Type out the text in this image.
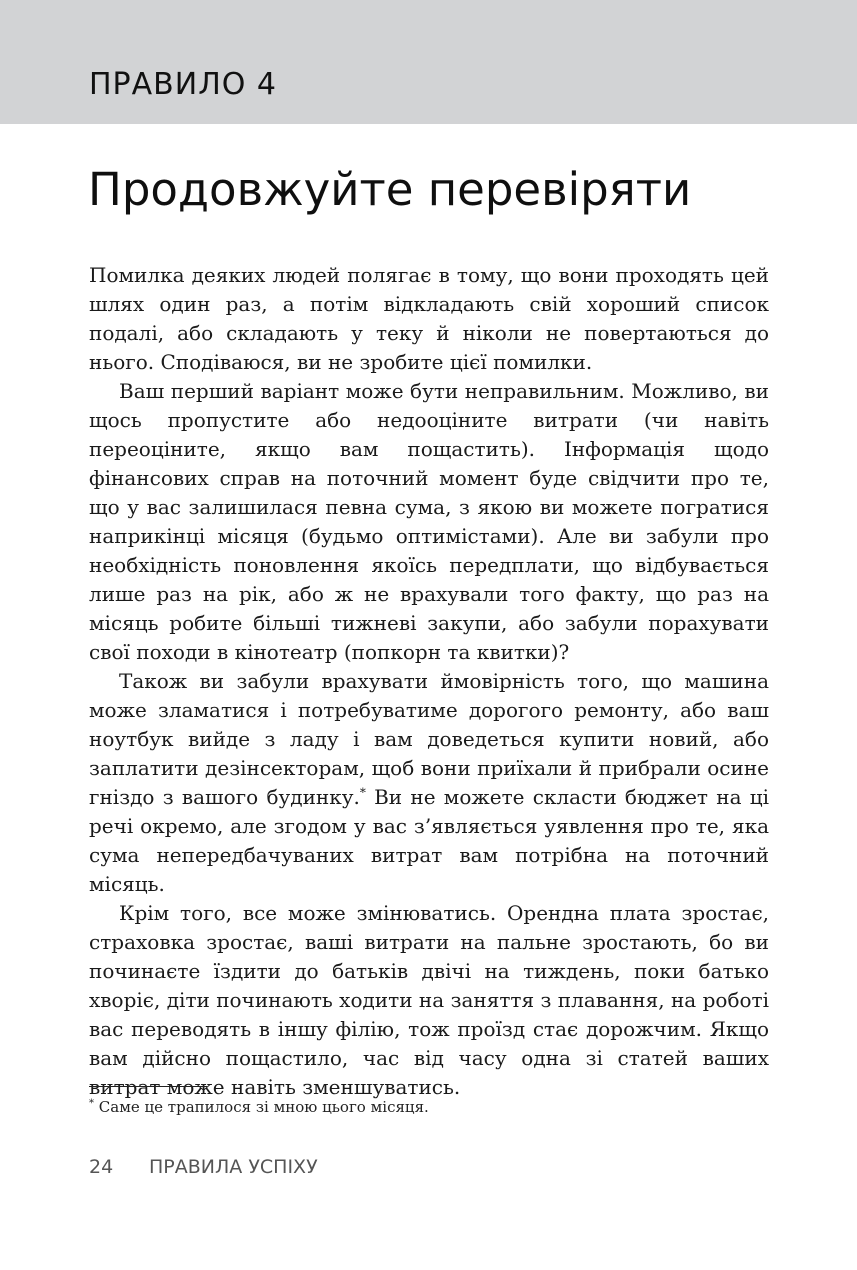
ПРАВИЛО 4
Продовжуйте перевіряти

Помилка деяких людей полягає в тому, що вони проходять цей шлях один раз, а потім відкладають свій хороший список подалі, або складають у теку й ніколи не повертаються до нього. Сподіваюся, ви не зробите цієї помилки.

Ваш перший варіант може бути неправильним. Можливо, ви щось пропустите або недооціните витрати (чи навіть переоціните, якщо вам пощастить). Інформація щодо фінансових справ на поточний момент буде свідчити про те, що у вас залишилася певна сума, з якою ви можете погратися наприкінці місяця (будьмо оптимістами). Але ви забули про необхідність поновлення якоїсь передплати, що відбувається лише раз на рік, або ж не врахували того факту, що раз на місяць робите більші тижневі закупи, або забули порахувати свої походи в кінотеатр (попкорн та квитки)?

Також ви забули врахувати ймовірність того, що машина може зламатися і потребуватиме дорогого ремонту, або ваш ноутбук вийде з ладу і вам доведеться купити новий, або заплатити дезінсекторам, щоб вони приїхали й прибрали осине гніздо з вашого будинку.* Ви не можете скласти бюджет на ці речі окремо, але згодом у вас з’являється уявлення про те, яка сума непередбачуваних витрат вам потрібна на поточний місяць.

Крім того, все може змінюватись. Орендна плата зростає, страховка зростає, ваші витрати на пальне зростають, бо ви починаєте їздити до батьків двічі на тиждень, поки батько хворіє, діти починають ходити на заняття з плавання, на роботі вас переводять в іншу філію, тож проїзд стає дорожчим. Якщо вам дійсно пощастило, час від часу одна зі статей ваших витрат може навіть зменшуватись.

* Саме це трапилося зі мною цього місяця.
24 ПРАВИЛА УСПІХУ
